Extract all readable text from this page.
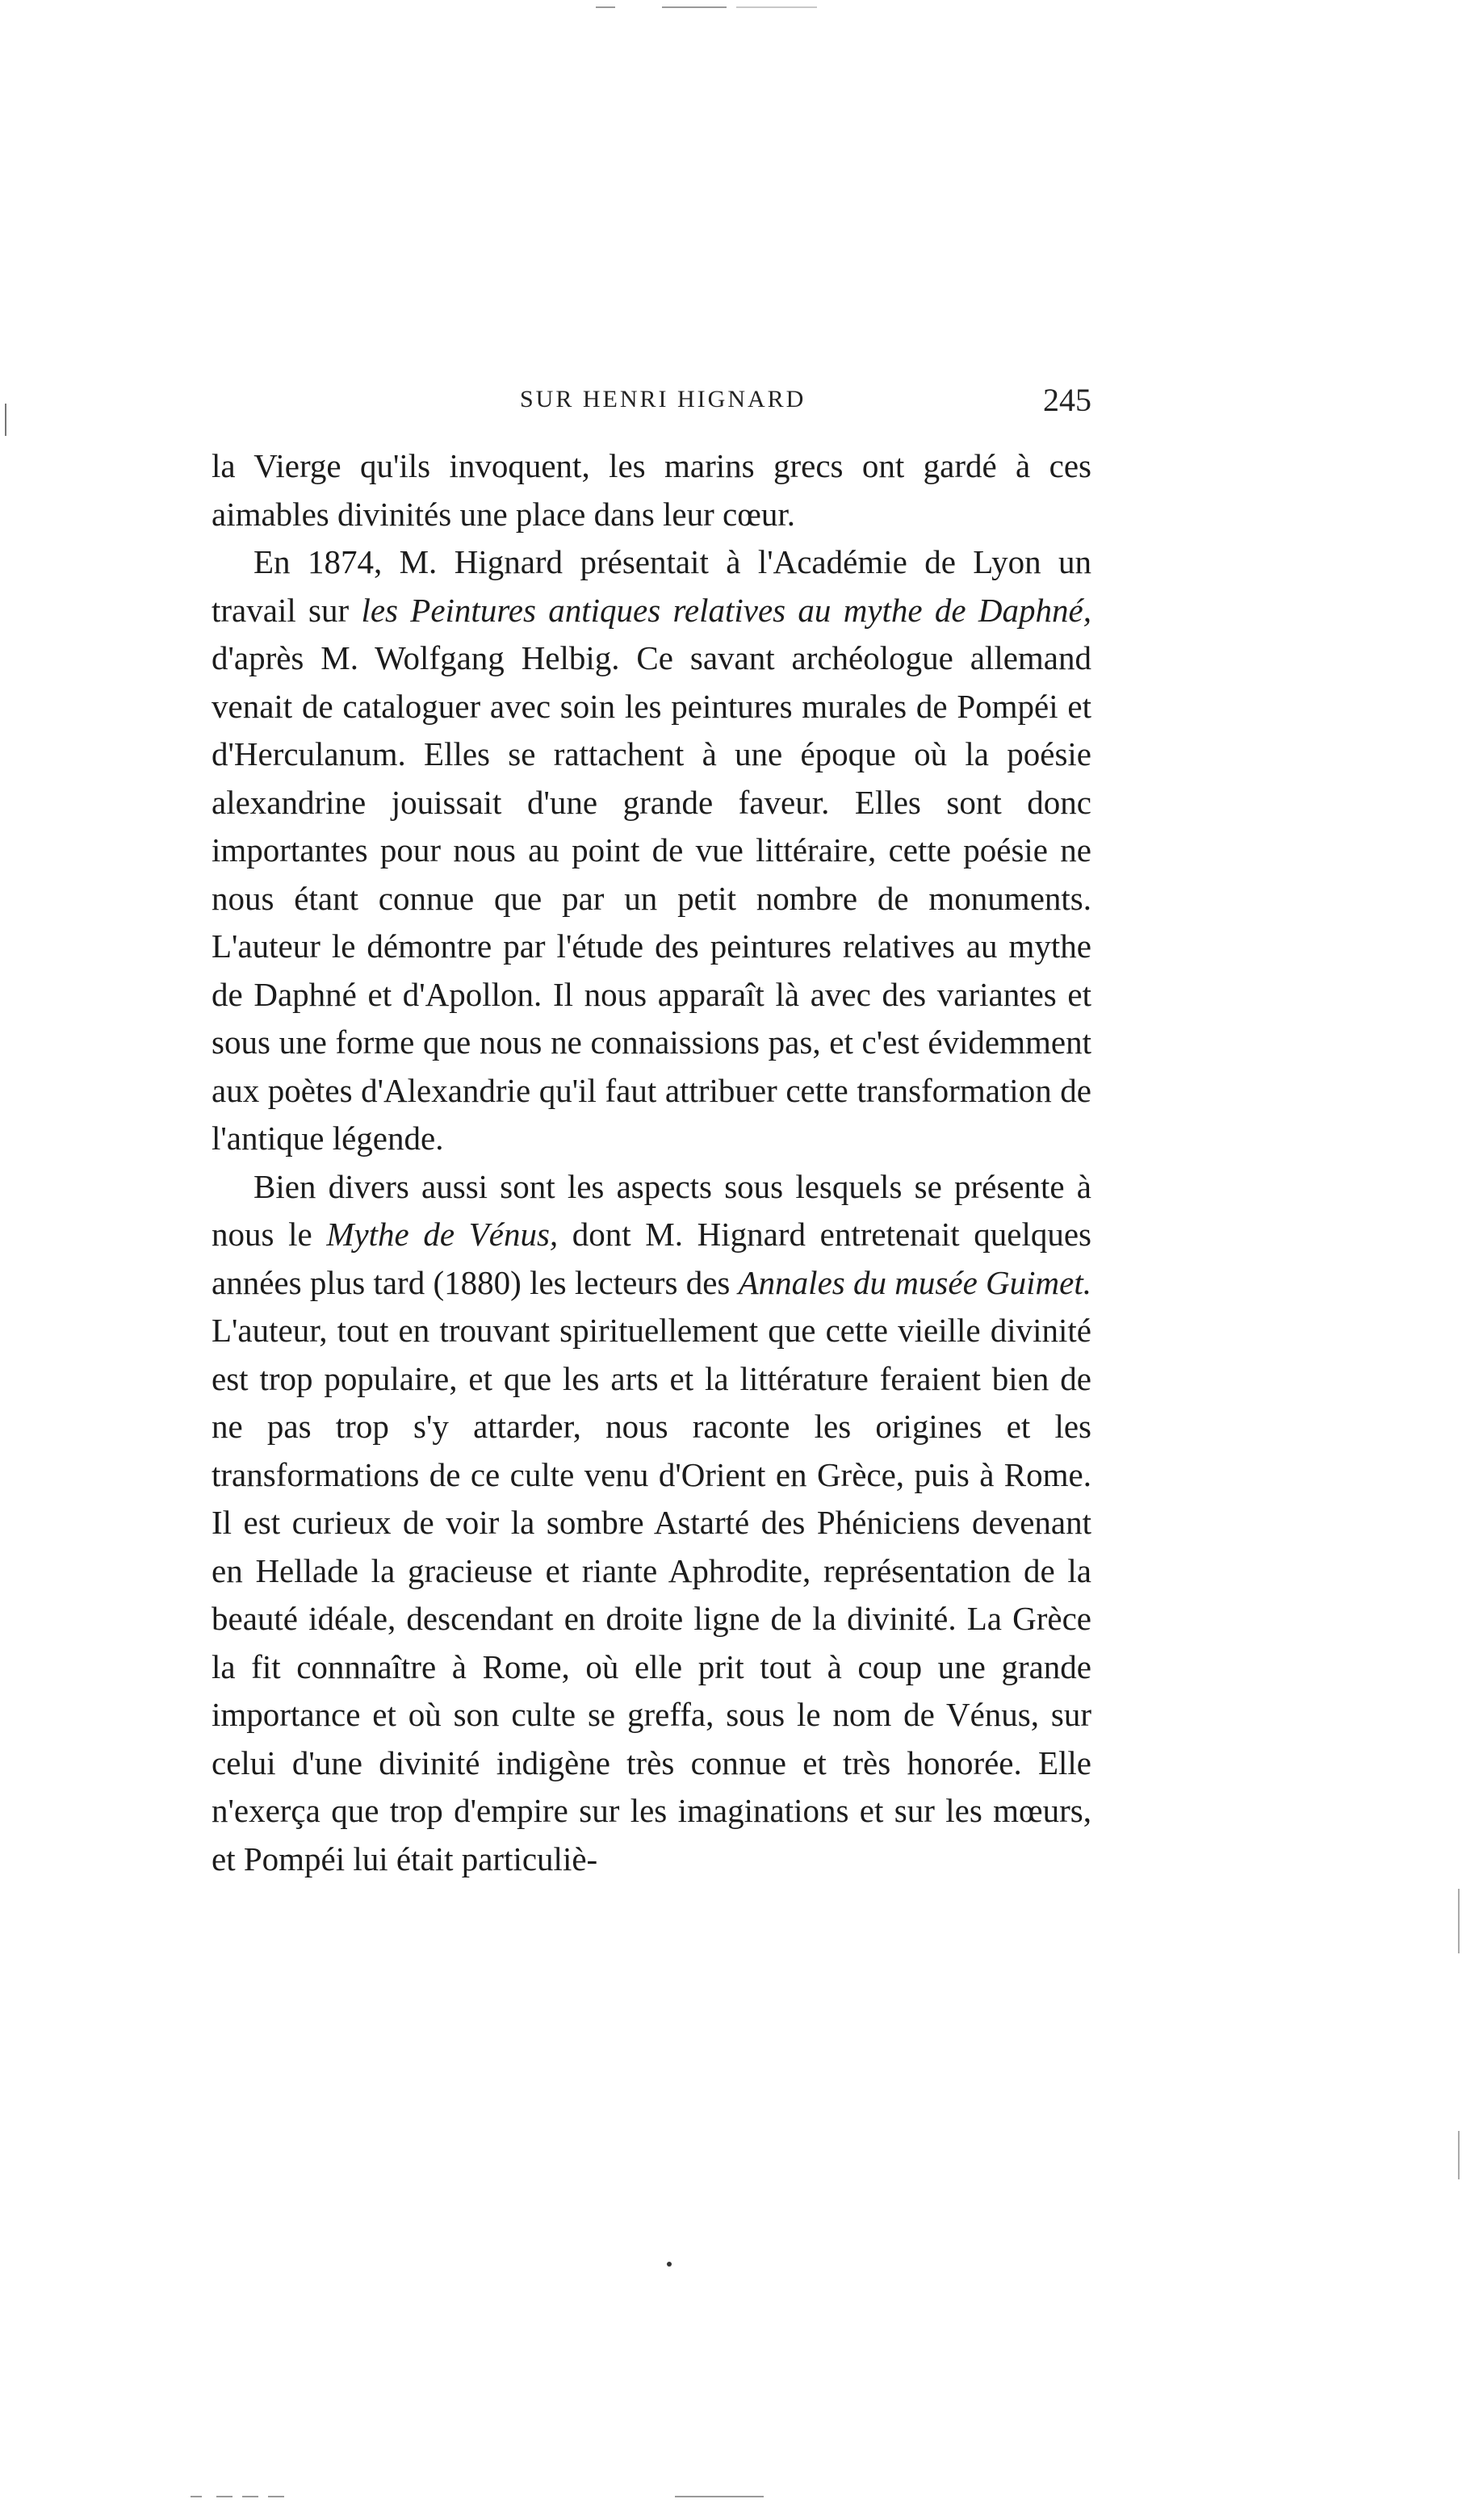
SUR HENRI HIGNARD	245

la Vierge qu'ils invoquent, les marins grecs ont gardé à ces aimables divinités une place dans leur cœur.

En 1874, M. Hignard présentait à l'Académie de Lyon un travail sur les Peintures antiques relatives au mythe de Daphné, d'après M. Wolfgang Helbig. Ce savant archéologue allemand venait de cataloguer avec soin les peintures murales de Pompéi et d'Herculanum. Elles se rattachent à une époque où la poésie alexandrine jouissait d'une grande faveur. Elles sont donc importantes pour nous au point de vue littéraire, cette poésie ne nous étant connue que par un petit nombre de monuments. L'auteur le démontre par l'étude des peintures relatives au mythe de Daphné et d'Apollon. Il nous apparaît là avec des variantes et sous une forme que nous ne connaissions pas, et c'est évidemment aux poètes d'Alexandrie qu'il faut attribuer cette transformation de l'antique légende.

Bien divers aussi sont les aspects sous lesquels se présente à nous le Mythe de Vénus, dont M. Hignard entretenait quelques années plus tard (1880) les lecteurs des Annales du musée Guimet. L'auteur, tout en trouvant spirituellement que cette vieille divinité est trop populaire, et que les arts et la littérature feraient bien de ne pas trop s'y attarder, nous raconte les origines et les transformations de ce culte venu d'Orient en Grèce, puis à Rome. Il est curieux de voir la sombre Astarté des Phéniciens devenant en Hellade la gracieuse et riante Aphrodite, représentation de la beauté idéale, descendant en droite ligne de la divinité. La Grèce la fit connnaître à Rome, où elle prit tout à coup une grande importance et où son culte se greffa, sous le nom de Vénus, sur celui d'une divinité indigène très connue et très honorée. Elle n'exerça que trop d'empire sur les imaginations et sur les mœurs, et Pompéi lui était particuliè-
